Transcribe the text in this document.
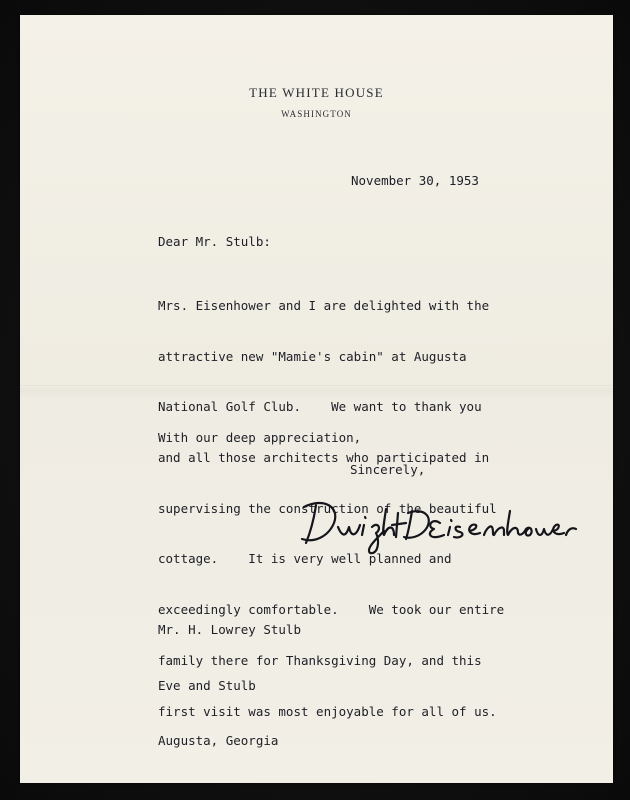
THE WHITE HOUSE
WASHINGTON
November 30, 1953
Dear Mr. Stulb:

Mrs. Eisenhower and I are delighted with the

attractive new "Mamie's cabin" at Augusta

National Golf Club.    We want to thank you

and all those architects who participated in

supervising the construction of the beautiful

cottage.    It is very well planned and

exceedingly comfortable.    We took our entire

family there for Thanksgiving Day, and this

first visit was most enjoyable for all of us.

With our deep appreciation,
Sincerely,

Mr. H. Lowrey Stulb

Eve and Stulb

Augusta, Georgia
